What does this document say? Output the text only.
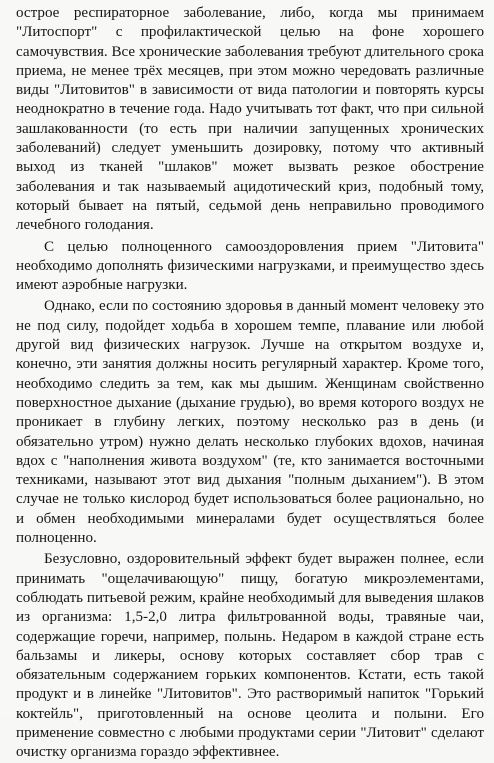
острое респираторное заболевание, либо, когда мы принимаем "Литоспорт" с профилактической целью на фоне хорошего самочувствия. Все хронические заболевания требуют длительного срока приема, не менее трёх месяцев, при этом можно чередовать различные виды "Литовитов" в зависимости от вида патологии и повторять курсы неоднократно в течение года. Надо учитывать тот факт, что при сильной зашлакованности (то есть при наличии запущенных хронических заболеваний) следует уменьшить дозировку, потому что активный выход из тканей "шлаков" может вызвать резкое обострение заболевания и так называемый ацидотический криз, подобный тому, который бывает на пятый, седьмой день неправильно проводимого лечебного голодания.

С целью полноценного самооздоровления прием "Литовита" необходимо дополнять физическими нагрузками, и преимущество здесь имеют аэробные нагрузки.

Однако, если по состоянию здоровья в данный момент человеку это не под силу, подойдет ходьба в хорошем темпе, плавание или любой другой вид физических нагрузок. Лучше на открытом воздухе и, конечно, эти занятия должны носить регулярный характер. Кроме того, необходимо следить за тем, как мы дышим. Женщинам свойственно поверхностное дыхание (дыхание грудью), во время которого воздух не проникает в глубину легких, поэтому несколько раз в день (и обязательно утром) нужно делать несколько глубоких вдохов, начиная вдох с "наполнения живота воздухом" (те, кто занимается восточными техниками, называют этот вид дыхания "полным дыханием"). В этом случае не только кислород будет использоваться более рационально, но и обмен необходимыми минералами будет осуществляться более полноценно.

Безусловно, оздоровительный эффект будет выражен полнее, если принимать "ощелачивающую" пищу, богатую микроэлементами, соблюдать питьевой режим, крайне необходимый для выведения шлаков из организма: 1,5-2,0 литра фильтрованной воды, травяные чаи, содержащие горечи, например, полынь. Недаром в каждой стране есть бальзамы и ликеры, основу которых составляет сбор трав с обязательным содержанием горьких компонентов. Кстати, есть такой продукт и в линейке "Литовитов". Это растворимый напиток "Горький коктейль", приготовленный на основе цеолита и полыни. Его применение совместно с любыми продуктами серии "Литовит" сделают очистку организма гораздо эффективнее.
